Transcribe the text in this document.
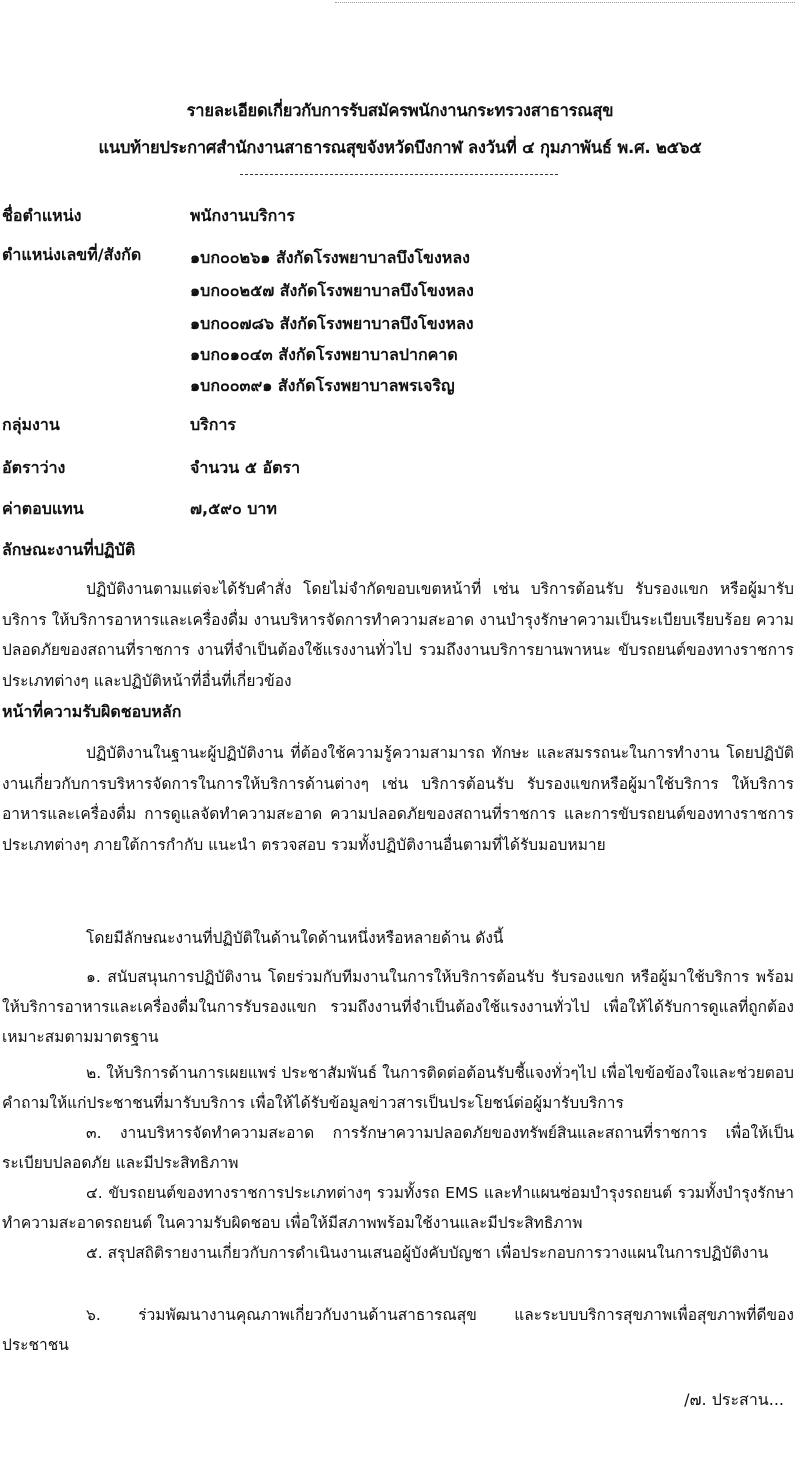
รายละเอียดเกี่ยวกับการรับสมัครพนักงานกระทรวงสาธารณสุข
แนบท้ายประกาศสำนักงานสาธารณสุขจังหวัดบึงกาฬ ลงวันที่ ๔ กุมภาพันธ์ พ.ศ. ๒๕๖๕
ชื่อตำแหน่ง	พนักงานบริการ
ตำแหน่งเลขที่/สังกัด	๑บก๐๐๒๖๑ สังกัดโรงพยาบาลบึงโขงหลง
๑บก๐๐๒๕๗ สังกัดโรงพยาบาลบึงโขงหลง
๑บก๐๐๗๘๖ สังกัดโรงพยาบาลบึงโขงหลง
๑บก๐๑๐๔๓ สังกัดโรงพยาบาลปากคาด
๑บก๐๐๓๙๑ สังกัดโรงพยาบาลพรเจริญ
กลุ่มงาน	บริการ
อัตราว่าง	จำนวน ๕ อัตรา
ค่าตอบแทน	๗,๕๙๐ บาท
ลักษณะงานที่ปฏิบัติ
ปฏิบัติงานตามแต่จะได้รับคำสั่ง โดยไม่จำกัดขอบเขตหน้าที่ เช่น บริการต้อนรับ รับรองแขก หรือผู้มารับบริการ ให้บริการอาหารและเครื่องดื่ม งานบริหารจัดการทำความสะอาด งานบำรุงรักษาความเป็นระเบียบเรียบร้อย ความปลอดภัยของสถานที่ราชการ งานที่จำเป็นต้องใช้แรงงานทั่วไป รวมถึงงานบริการยานพาหนะ ขับรถยนต์ของทางราชการประเภทต่างๆ และปฏิบัติหน้าที่อื่นที่เกี่ยวข้อง
หน้าที่ความรับผิดชอบหลัก
ปฏิบัติงานในฐานะผู้ปฏิบัติงาน ที่ต้องใช้ความรู้ความสามารถ ทักษะ และสมรรถนะในการทำงาน โดยปฏิบัติงานเกี่ยวกับการบริหารจัดการในการให้บริการด้านต่างๆ เช่น บริการต้อนรับ รับรองแขกหรือผู้มาใช้บริการ ให้บริการอาหารและเครื่องดื่ม การดูแลจัดทำความสะอาด ความปลอดภัยของสถานที่ราชการ และการขับรถยนต์ของทางราชการประเภทต่างๆ ภายใต้การกำกับ แนะนำ ตรวจสอบ รวมทั้งปฏิบัติงานอื่นตามที่ได้รับมอบหมาย
โดยมีลักษณะงานที่ปฏิบัติในด้านใดด้านหนึ่งหรือหลายด้าน ดังนี้
๑. สนับสนุนการปฏิบัติงาน โดยร่วมกับทีมงานในการให้บริการต้อนรับ รับรองแขก หรือผู้มาใช้บริการ พร้อมให้บริการอาหารและเครื่องดื่มในการรับรองแขก รวมถึงงานที่จำเป็นต้องใช้แรงงานทั่วไป เพื่อให้ได้รับการดูแลที่ถูกต้องเหมาะสมตามมาตรฐาน
๒. ให้บริการด้านการเผยแพร่ ประชาสัมพันธ์ ในการติดต่อต้อนรับชี้แจงทั่วๆไป เพื่อไขข้อข้องใจและช่วยตอบคำถามให้แก่ประชาชนที่มารับบริการ เพื่อให้ได้รับข้อมูลข่าวสารเป็นประโยชน์ต่อผู้มารับบริการ
๓. งานบริหารจัดทำความสะอาด การรักษาความปลอดภัยของทรัพย์สินและสถานที่ราชการ เพื่อให้เป็นระเบียบปลอดภัย และมีประสิทธิภาพ
๔. ขับรถยนต์ของทางราชการประเภทต่างๆ รวมทั้งรถ EMS และทำแผนซ่อมบำรุงรถยนต์ รวมทั้งบำรุงรักษาทำความสะอาดรถยนต์ ในความรับผิดชอบ เพื่อให้มีสภาพพร้อมใช้งานและมีประสิทธิภาพ
๕. สรุปสถิติรายงานเกี่ยวกับการดำเนินงานเสนอผู้บังคับบัญชา เพื่อประกอบการวางแผนในการปฏิบัติงาน
๖. ร่วมพัฒนางานคุณภาพเกี่ยวกับงานด้านสาธารณสุข และระบบบริการสุขภาพเพื่อสุขภาพที่ดีของประชาชน
/๗. ประสาน...
